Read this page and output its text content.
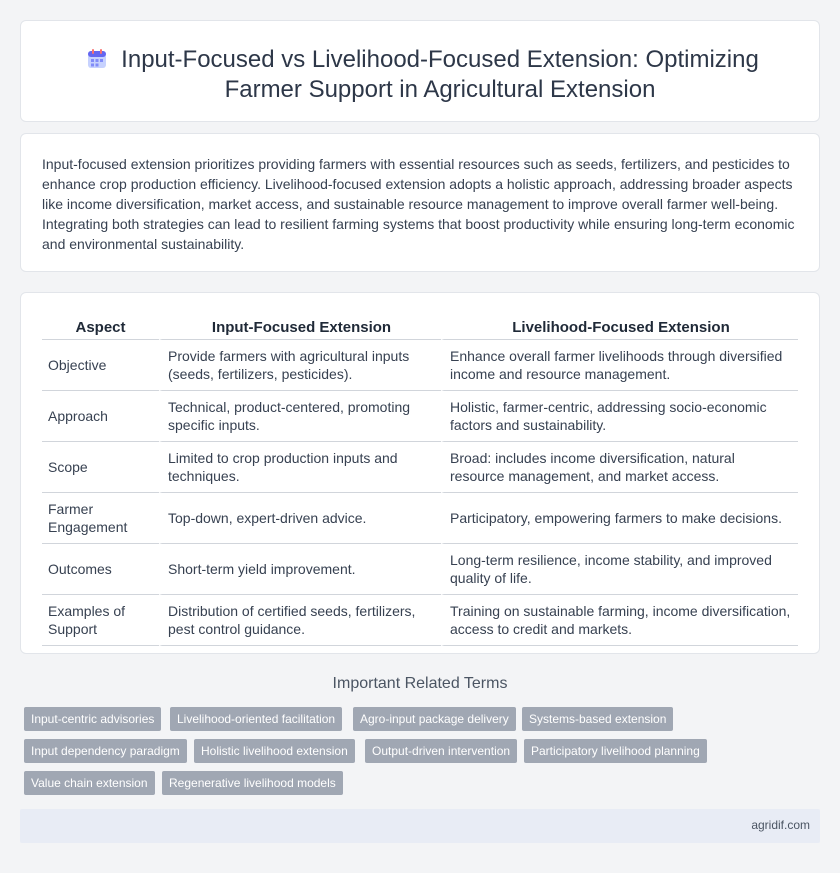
Input-Focused vs Livelihood-Focused Extension: Optimizing Farmer Support in Agricultural Extension

Input-focused extension prioritizes providing farmers with essential resources such as seeds, fertilizers, and pesticides to enhance crop production efficiency. Livelihood-focused extension adopts a holistic approach, addressing broader aspects like income diversification, market access, and sustainable resource management to improve overall farmer well-being. Integrating both strategies can lead to resilient farming systems that boost productivity while ensuring long-term economic and environmental sustainability.

Aspect	Input-Focused Extension	Livelihood-Focused Extension
Objective	Provide farmers with agricultural inputs (seeds, fertilizers, pesticides).	Enhance overall farmer livelihoods through diversified income and resource management.
Approach	Technical, product-centered, promoting specific inputs.	Holistic, farmer-centric, addressing socio-economic factors and sustainability.
Scope	Limited to crop production inputs and techniques.	Broad: includes income diversification, natural resource management, and market access.
Farmer Engagement	Top-down, expert-driven advice.	Participatory, empowering farmers to make decisions.
Outcomes	Short-term yield improvement.	Long-term resilience, income stability, and improved quality of life.
Examples of Support	Distribution of certified seeds, fertilizers, pest control guidance.	Training on sustainable farming, income diversification, access to credit and markets.
Important Related Terms
Input-centric advisories	Livelihood-oriented facilitation	Agro-input package delivery	Systems-based extension
Input dependency paradigm	Holistic livelihood extension	Output-driven intervention	Participatory livelihood planning
Value chain extension	Regenerative livelihood models
agridif.com
